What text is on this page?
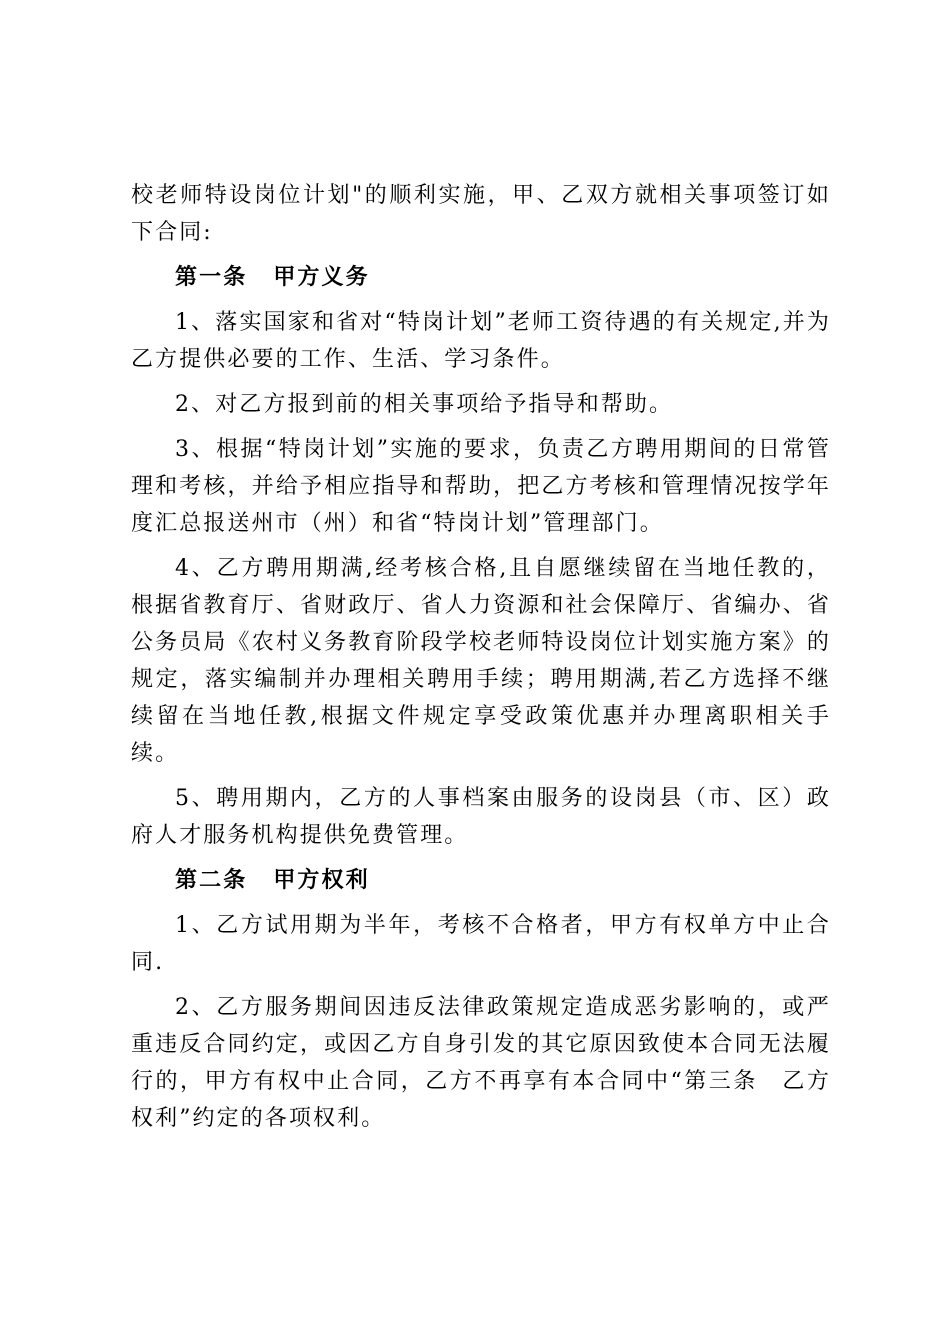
校老师特设岗位计划"的顺利实施，甲、乙双方就相关事项签订如下合同:

第一条 甲方义务

1、落实国家和省对“特岗计划”老师工资待遇的有关规定,并为乙方提供必要的工作、生活、学习条件。

2、对乙方报到前的相关事项给予指导和帮助。

3、根据“特岗计划”实施的要求，负责乙方聘用期间的日常管理和考核，并给予相应指导和帮助，把乙方考核和管理情况按学年度汇总报送州市（州）和省“特岗计划”管理部门。

4、乙方聘用期满,经考核合格,且自愿继续留在当地任教的，根据省教育厅、省财政厅、省人力资源和社会保障厅、省编办、省公务员局《农村义务教育阶段学校老师特设岗位计划实施方案》的规定，落实编制并办理相关聘用手续；聘用期满,若乙方选择不继续留在当地任教,根据文件规定享受政策优惠并办理离职相关手续。

5、聘用期内，乙方的人事档案由服务的设岗县（市、区）政府人才服务机构提供免费管理。

第二条 甲方权利

1、乙方试用期为半年，考核不合格者，甲方有权单方中止合同.

2、乙方服务期间因违反法律政策规定造成恶劣影响的，或严重违反合同约定，或因乙方自身引发的其它原因致使本合同无法履行的，甲方有权中止合同，乙方不再享有本合同中“第三条　乙方权利”约定的各项权利。
